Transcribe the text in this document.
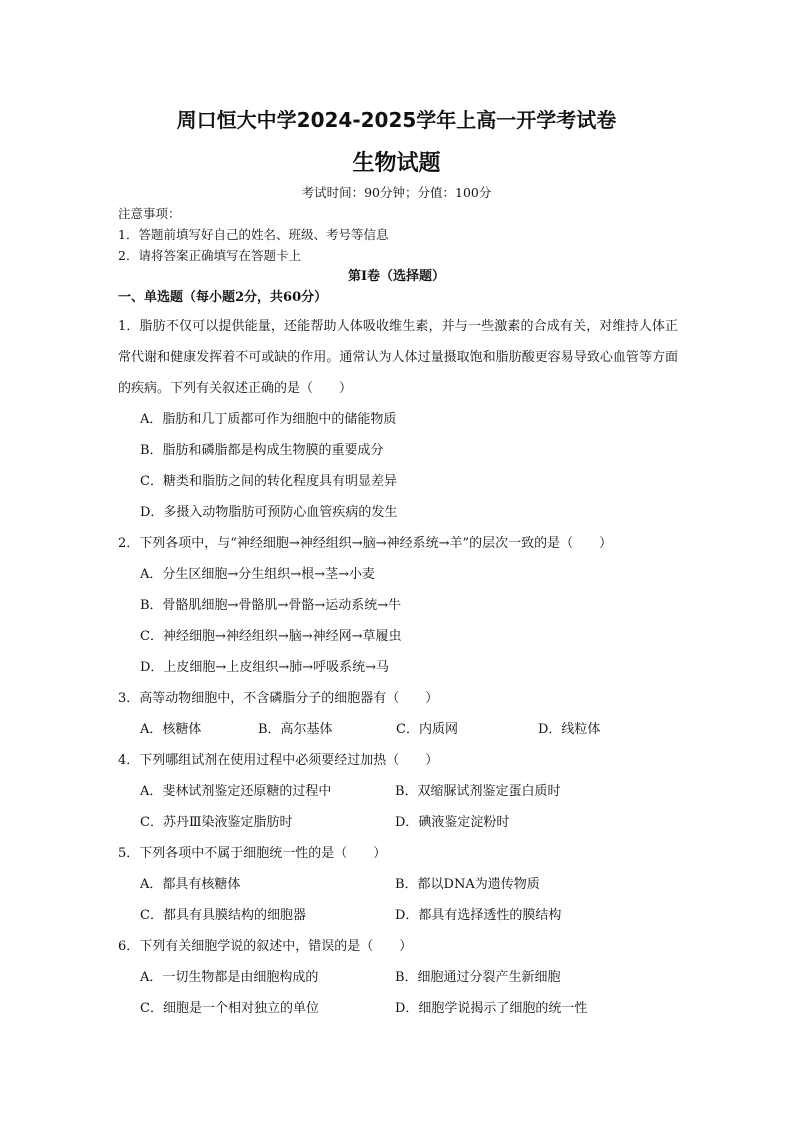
周口恒大中学2024-2025学年上高一开学考试卷
生物试题
考试时间：90分钟；分值：100分
注意事项：
1．答题前填写好自己的姓名、班级、考号等信息
2．请将答案正确填写在答题卡上
第Ⅰ卷（选择题）
一、单选题（每小题2分，共60分）
1．脂肪不仅可以提供能量，还能帮助人体吸收维生素，并与一些激素的合成有关，对维持人体正常代谢和健康发挥着不可或缺的作用。通常认为人体过量摄取饱和脂肪酸更容易导致心血管等方面的疾病。下列有关叙述正确的是（　　）
A．脂肪和几丁质都可作为细胞中的储能物质
B．脂肪和磷脂都是构成生物膜的重要成分
C．糖类和脂肪之间的转化程度具有明显差异
D．多摄入动物脂肪可预防心血管疾病的发生
2．下列各项中，与“神经细胞→神经组织→脑→神经系统→羊”的层次一致的是（　　）
A．分生区细胞→分生组织→根→茎→小麦
B．骨骼肌细胞→骨骼肌→骨骼→运动系统→牛
C．神经细胞→神经组织→脑→神经网→草履虫
D．上皮细胞→上皮组织→肺→呼吸系统→马
3．高等动物细胞中，不含磷脂分子的细胞器有（　　）
A．核糖体	B．高尔基体	C．内质网	D．线粒体
4．下列哪组试剂在使用过程中必须要经过加热（　　）
A．斐林试剂鉴定还原糖的过程中	B．双缩脲试剂鉴定蛋白质时
C．苏丹Ⅲ染液鉴定脂肪时	D．碘液鉴定淀粉时
5．下列各项中不属于细胞统一性的是（　　）
A．都具有核糖体	B．都以DNA为遗传物质
C．都具有具膜结构的细胞器	D．都具有选择透性的膜结构
6．下列有关细胞学说的叙述中，错误的是（　　）
A．一切生物都是由细胞构成的	B．细胞通过分裂产生新细胞
C．细胞是一个相对独立的单位	D．细胞学说揭示了细胞的统一性
